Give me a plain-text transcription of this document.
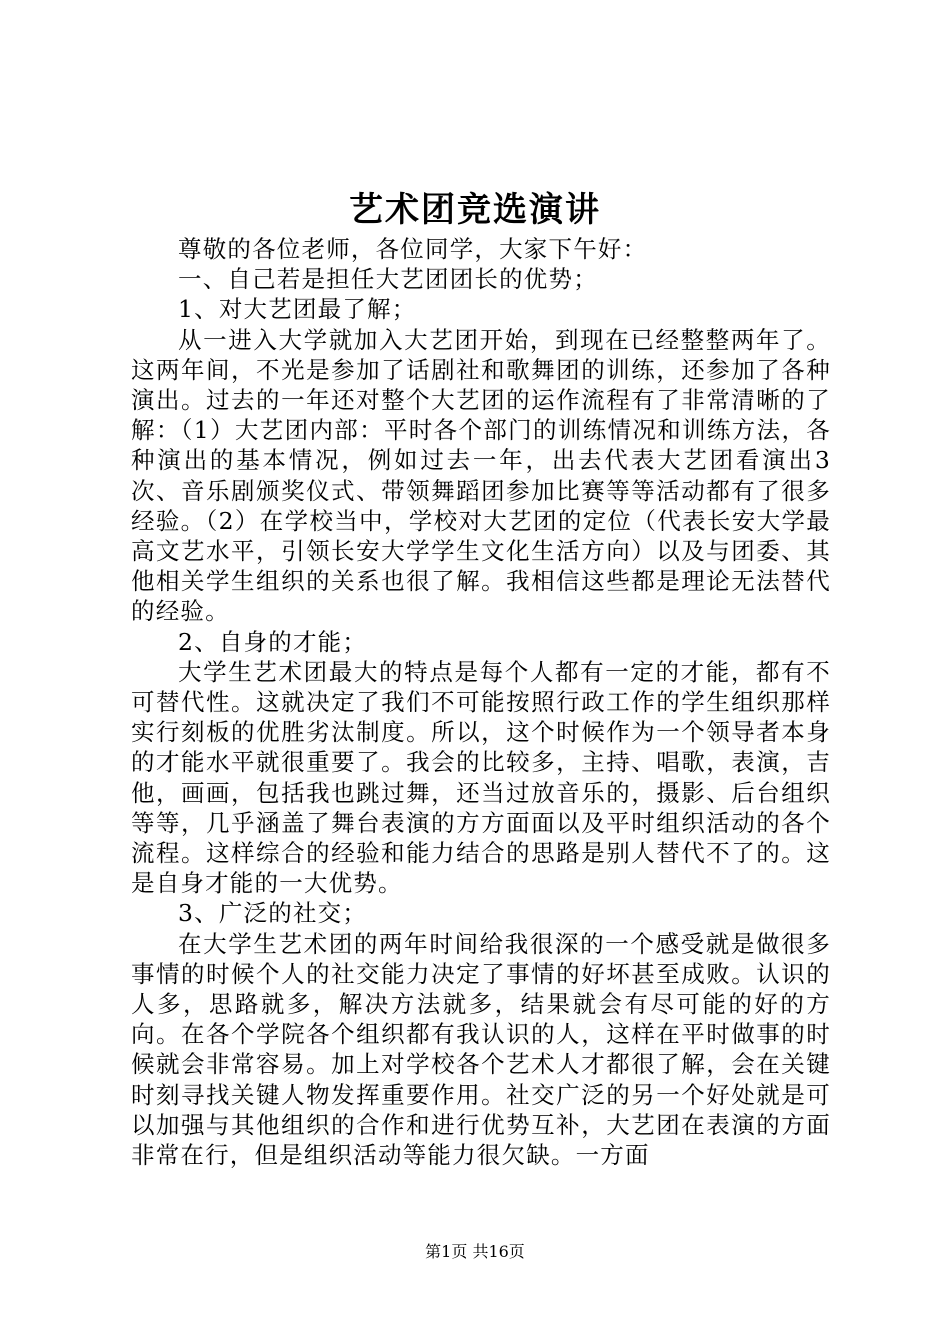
艺术团竞选演讲

尊敬的各位老师，各位同学，大家下午好：

一、自己若是担任大艺团团长的优势；

1、对大艺团最了解；

从一进入大学就加入大艺团开始，到现在已经整整两年了。这两年间，不光是参加了话剧社和歌舞团的训练，还参加了各种演出。过去的一年还对整个大艺团的运作流程有了非常清晰的了解：（1）大艺团内部：平时各个部门的训练情况和训练方法，各种演出的基本情况，例如过去一年，出去代表大艺团看演出3次、音乐剧颁奖仪式、带领舞蹈团参加比赛等等活动都有了很多经验。（2）在学校当中，学校对大艺团的定位（代表长安大学最高文艺水平，引领长安大学学生文化生活方向）以及与团委、其他相关学生组织的关系也很了解。我相信这些都是理论无法替代的经验。

2、自身的才能；

大学生艺术团最大的特点是每个人都有一定的才能，都有不可替代性。这就决定了我们不可能按照行政工作的学生组织那样实行刻板的优胜劣汰制度。所以，这个时候作为一个领导者本身的才能水平就很重要了。我会的比较多，主持、唱歌，表演，吉他，画画，包括我也跳过舞，还当过放音乐的，摄影、后台组织等等，几乎涵盖了舞台表演的方方面面以及平时组织活动的各个流程。这样综合的经验和能力结合的思路是别人替代不了的。这是自身才能的一大优势。

3、广泛的社交；

在大学生艺术团的两年时间给我很深的一个感受就是做很多事情的时候个人的社交能力决定了事情的好坏甚至成败。认识的人多，思路就多，解决方法就多，结果就会有尽可能的好的方向。在各个学院各个组织都有我认识的人，这样在平时做事的时候就会非常容易。加上对学校各个艺术人才都很了解，会在关键时刻寻找关键人物发挥重要作用。社交广泛的另一个好处就是可以加强与其他组织的合作和进行优势互补，大艺团在表演的方面非常在行，但是组织活动等能力很欠缺。一方面

第1页 共16页
